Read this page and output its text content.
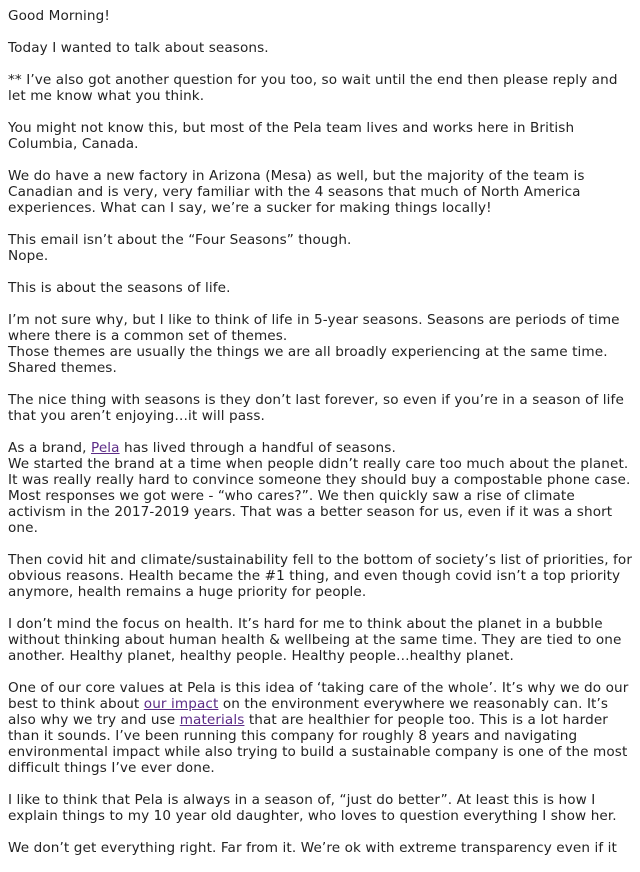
Good Morning!

Today I wanted to talk about seasons.

** I’ve also got another question for you too, so wait until the end then please reply and let me know what you think.

You might not know this, but most of the Pela team lives and works here in British Columbia, Canada.

We do have a new factory in Arizona (Mesa) as well, but the majority of the team is Canadian and is very, very familiar with the 4 seasons that much of North America experiences. What can I say, we’re a sucker for making things locally!

This email isn’t about the “Four Seasons” though.
Nope.

This is about the seasons of life.

I’m not sure why, but I like to think of life in 5-year seasons. Seasons are periods of time where there is a common set of themes.
Those themes are usually the things we are all broadly experiencing at the same time.
Shared themes.

The nice thing with seasons is they don’t last forever, so even if you’re in a season of life that you aren’t enjoying…it will pass.

As a brand, Pela has lived through a handful of seasons.
We started the brand at a time when people didn’t really care too much about the planet. It was really really hard to convince someone they should buy a compostable phone case. Most responses we got were - “who cares?”. We then quickly saw a rise of climate activism in the 2017-2019 years. That was a better season for us, even if it was a short one.

Then covid hit and climate/sustainability fell to the bottom of society’s list of priorities, for obvious reasons. Health became the #1 thing, and even though covid isn’t a top priority anymore, health remains a huge priority for people.

I don’t mind the focus on health. It’s hard for me to think about the planet in a bubble without thinking about human health & wellbeing at the same time. They are tied to one another. Healthy planet, healthy people. Healthy people…healthy planet.

One of our core values at Pela is this idea of ‘taking care of the whole’. It’s why we do our best to think about our impact on the environment everywhere we reasonably can. It’s also why we try and use materials that are healthier for people too. This is a lot harder than it sounds. I’ve been running this company for roughly 8 years and navigating environmental impact while also trying to build a sustainable company is one of the most difficult things I’ve ever done.

I like to think that Pela is always in a season of, “just do better”. At least this is how I explain things to my 10 year old daughter, who loves to question everything I show her.

We don’t get everything right. Far from it. We’re ok with extreme transparency even if it
